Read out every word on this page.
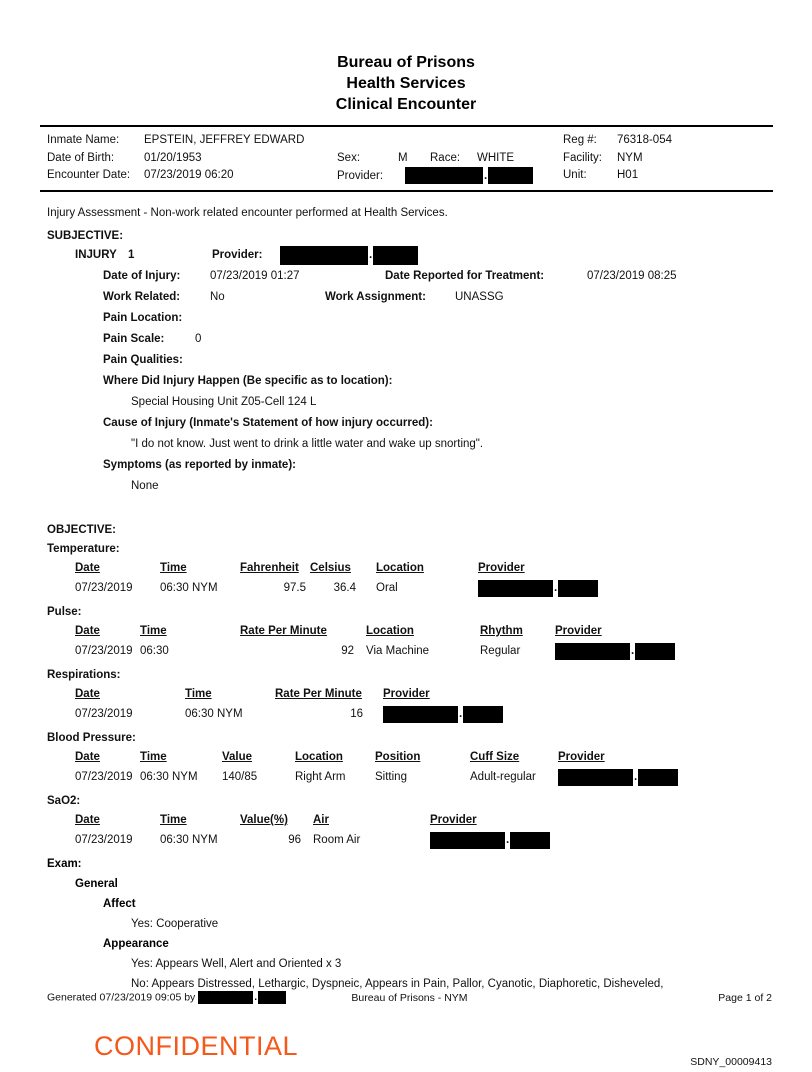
Bureau of Prisons
Health Services
Clinical Encounter
Inmate Name: EPSTEIN, JEFFREY EDWARD
Date of Birth:	01/20/1953
Encounter Date: 07/23/2019 06:20

Sex:	M Race: WHITE
Provider:	.
Reg #: 76318-054
Facility: NYM
Unit:	H01
Injury Assessment - Non-work related encounter performed at Health Services.
SUBJECTIVE:
INJURY 1	Provider:	.
Date of Injury:	07/23/2019 01:27	Date Reported for Treatment:	07/23/2019 08:25
Work Related:	No	Work Assignment:	UNASSG
Pain Location:
Pain Scale:	0
Pain Qualities:
Where Did Injury Happen (Be specific as to location):
Special Housing Unit Z05-Cell 124 L
Cause of Injury (Inmate's Statement of how injury occurred):
"I do not know. Just went to drink a little water and wake up snorting".
Symptoms (as reported by inmate):
None
OBJECTIVE:
Temperature:
Date	Time	Fahrenheit Celsius	Location	Provider
07/23/2019	06:30 NYM	97.5	36.4	Oral	.
Pulse:
Date	Time	Rate Per Minute	Location	Rhythm	Provider
07/23/2019 06:30	92	Via Machine	Regular	.
Respirations:
Date	Time	Rate Per Minute	Provider
07/23/2019	06:30 NYM	16	.
Blood Pressure:
Date	Time	Value	Location	Position	Cuff Size	Provider
07/23/2019 06:30 NYM	140/85	Right Arm	Sitting	Adult-regular	.
SaO2:
Date	Time	Value(%)	Air	Provider
07/23/2019	06:30 NYM	96	Room Air	.
Exam:
General
Affect
Yes: Cooperative
Appearance
Yes: Appears Well, Alert and Oriented x 3
No: Appears Distressed, Lethargic, Dyspneic, Appears in Pain, Pallor, Cyanotic, Diaphoretic, Disheveled,
Generated 07/23/2019 09:05 by	.	Bureau of Prisons - NYM	Page 1 of 2
CONFIDENTIAL
SDNY_00009413
